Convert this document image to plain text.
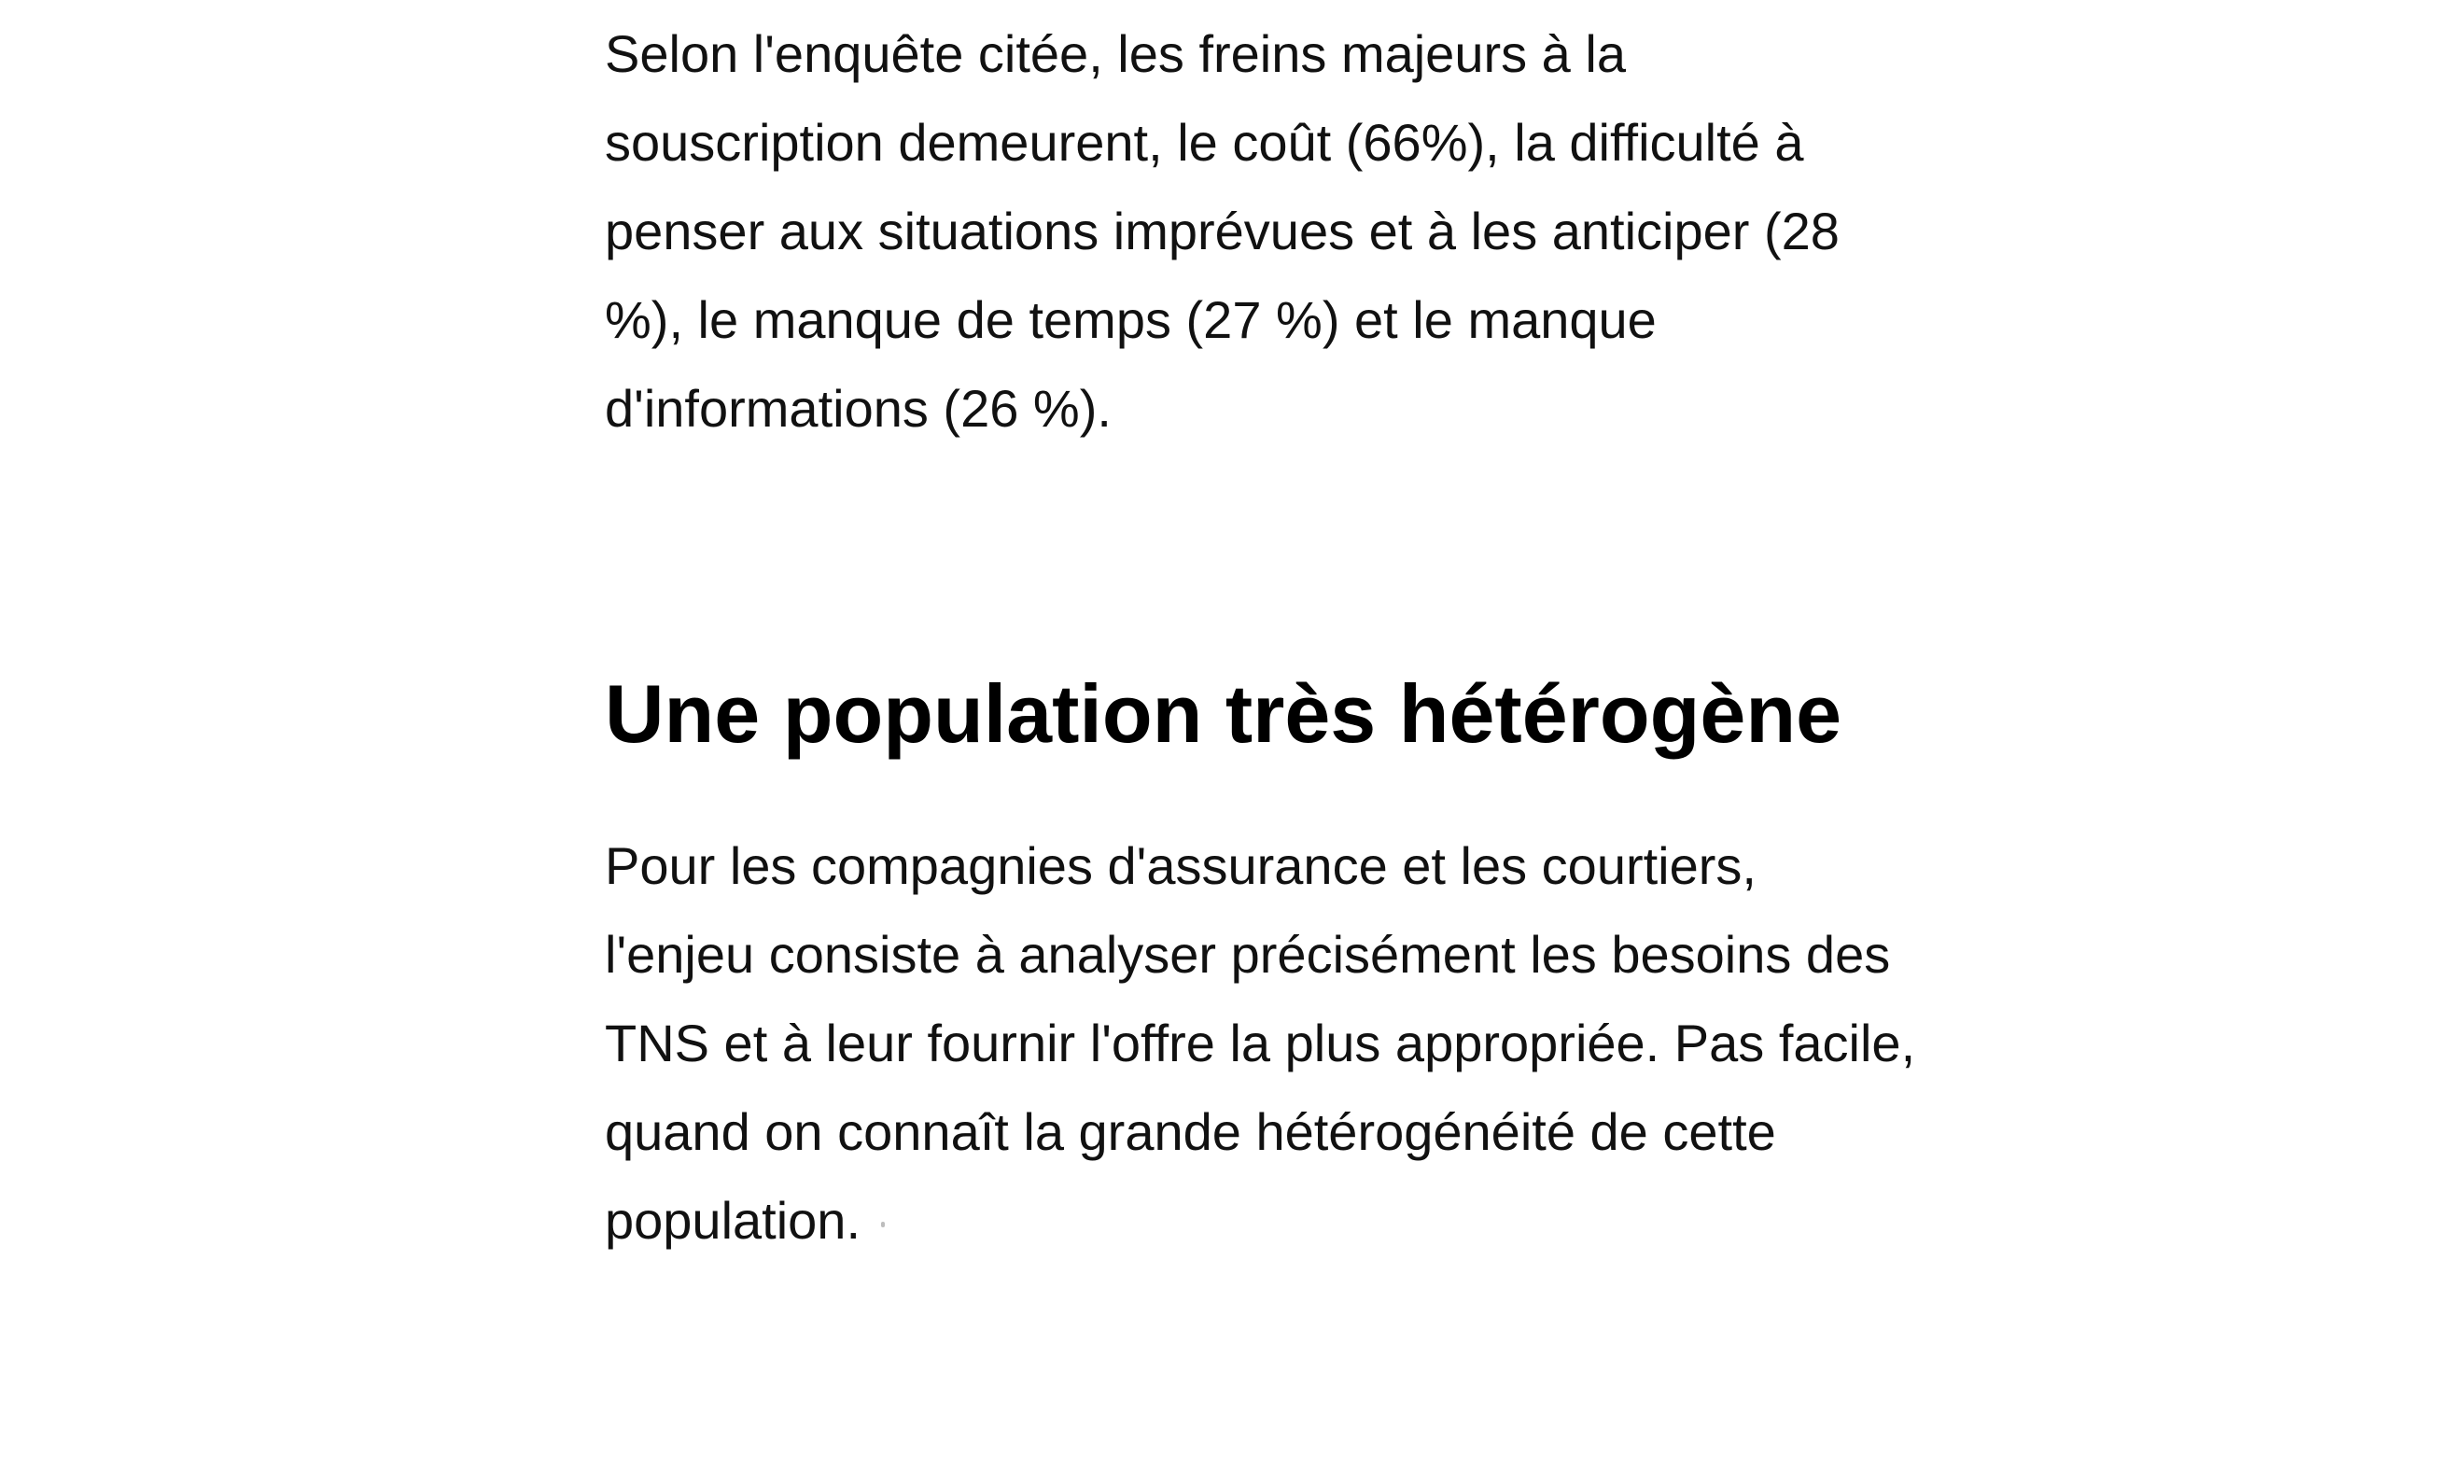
Selon l'enquête citée, les freins majeurs à la
souscription demeurent, le coût (66%), la difficulté à
penser aux situations imprévues et à les anticiper (28
%), le manque de temps (27 %) et le manque
d'informations (26 %).

Une population très hétérogène

Pour les compagnies d'assurance et les courtiers,
l'enjeu consiste à analyser précisément les besoins des
TNS et à leur fournir l'offre la plus appropriée. Pas facile,
quand on connaît la grande hétérogénéité de cette
population.
